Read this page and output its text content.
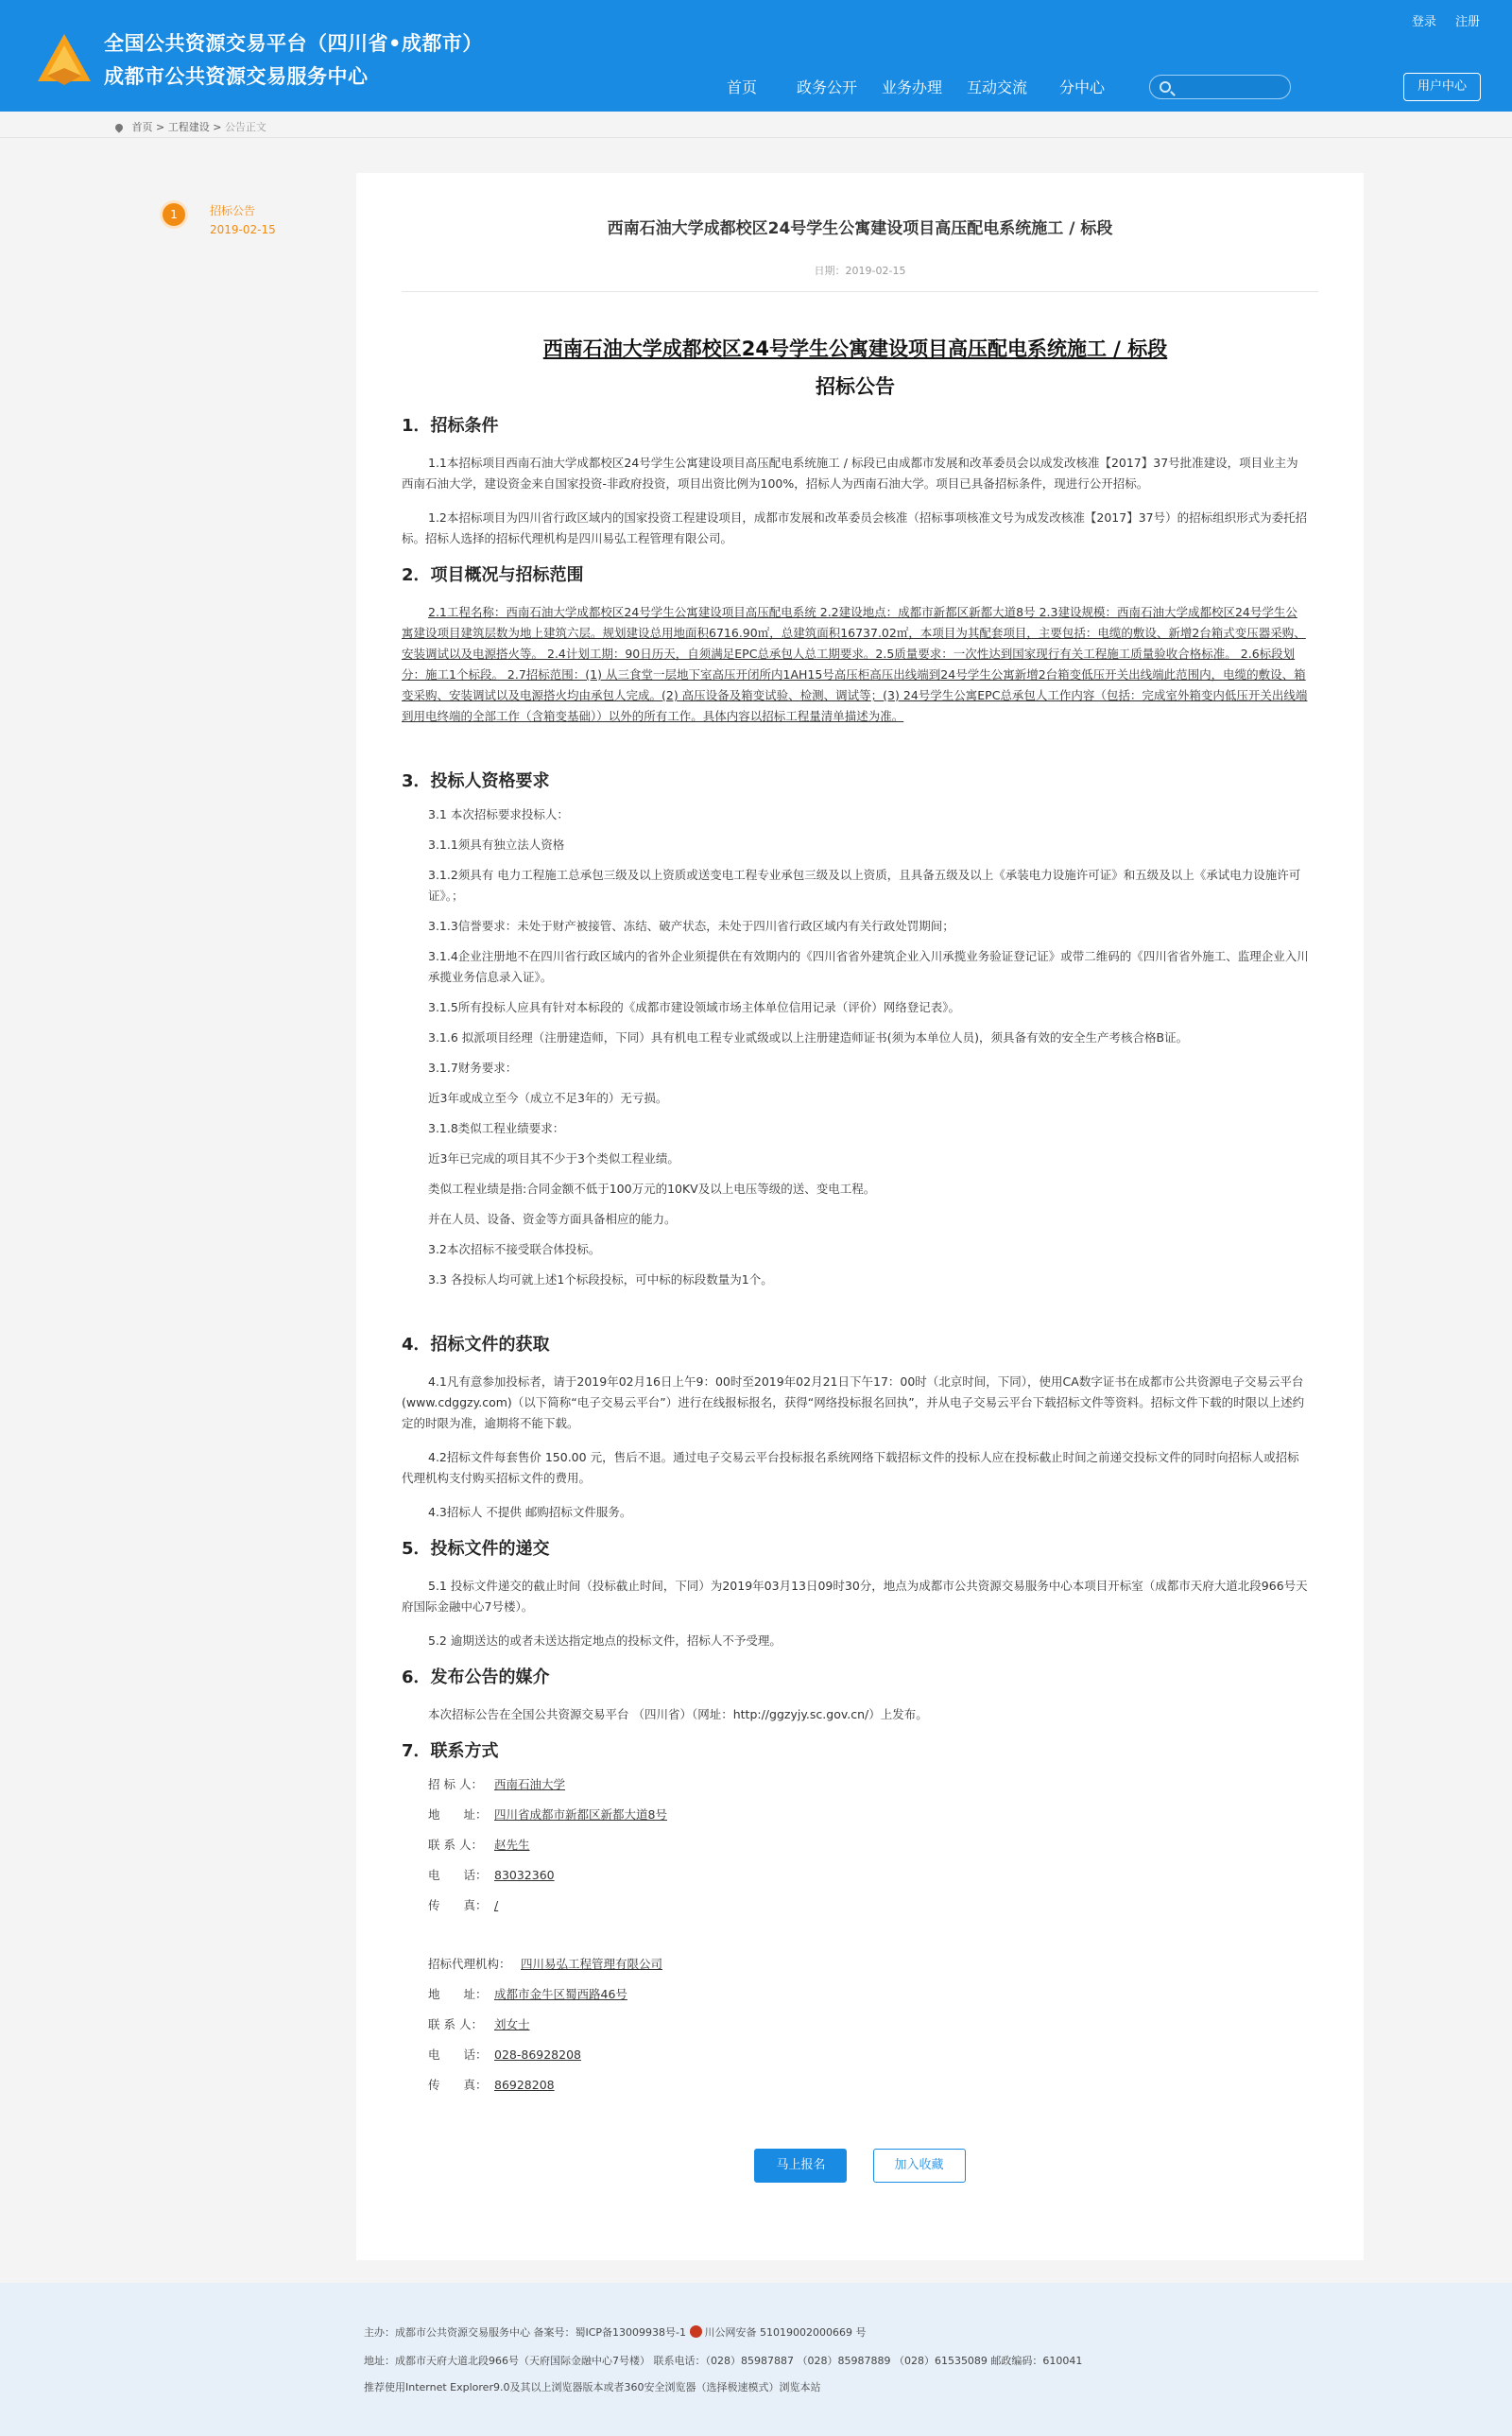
全国公共资源交易平台（四川省•成都市）
成都市公共资源交易服务中心
登录 注册
首页	政务公开	业务办理	互动交流	分中心	用户中心
首页 > 工程建设 > 公告正文
1	招标公告
2019-02-15	西南石油大学成都校区24号学生公寓建设项目高压配电系统施工 / 标段
日期：2019-02-15
西南石油大学成都校区24号学生公寓建设项目高压配电系统施工 / 标段
招标公告
1．招标条件
1.1本招标项目西南石油大学成都校区24号学生公寓建设项目高压配电系统施工 / 标段已由成都市发展和改革委员会以成发改核准【2017】37号批准建设，项目业主为西南石油大学，建设资金来自国家投资-非政府投资，项目出资比例为100%，招标人为西南石油大学。项目已具备招标条件，现进行公开招标。
1.2本招标项目为四川省行政区域内的国家投资工程建设项目，成都市发展和改革委员会核准（招标事项核准文号为成发改核准【2017】37号）的招标组织形式为委托招标。招标人选择的招标代理机构是四川易弘工程管理有限公司。
2．项目概况与招标范围
2.1工程名称：西南石油大学成都校区24号学生公寓建设项目高压配电系统 2.2建设地点：成都市新都区新都大道8号 2.3建设规模：西南石油大学成都校区24号学生公寓建设项目建筑层数为地上建筑六层。规划建设总用地面积6716.90㎡，总建筑面积16737.02㎡，本项目为其配套项目，主要包括：电缆的敷设、新增2台箱式变压器采购、安装调试以及电源搭火等。 2.4计划工期：90日历天，自须满足EPC总承包人总工期要求。2.5质量要求：一次性达到国家现行有关工程施工质量验收合格标准。 2.6标段划分：施工1个标段。 2.7招标范围：(1) 从三食堂一层地下室高压开闭所内1AH15号高压柜高压出线端到24号学生公寓新增2台箱变低压开关出线端此范围内，电缆的敷设、箱变采购、安装调试以及电源搭火均由承包人完成。(2) 高压设备及箱变试验、检测、调试等；(3) 24号学生公寓EPC总承包人工作内容（包括：完成室外箱变内低压开关出线端到用电终端的全部工作（含箱变基础））以外的所有工作。具体内容以招标工程量清单描述为准。
3．投标人资格要求
3.1 本次招标要求投标人：
3.1.1须具有独立法人资格
3.1.2须具有 电力工程施工总承包三级及以上资质或送变电工程专业承包三级及以上资质，且具备五级及以上《承装电力设施许可证》和五级及以上《承试电力设施许可证》。；
3.1.3信誉要求：未处于财产被接管、冻结、破产状态，未处于四川省行政区域内有关行政处罚期间；
3.1.4企业注册地不在四川省行政区域内的省外企业须提供在有效期内的《四川省省外建筑企业入川承揽业务验证登记证》或带二维码的《四川省省外施工、监理企业入川承揽业务信息录入证》。
3.1.5所有投标人应具有针对本标段的《成都市建设领域市场主体单位信用记录（评价）网络登记表》。
3.1.6 拟派项目经理（注册建造师，下同）具有机电工程专业贰级或以上注册建造师证书(须为本单位人员)，须具备有效的安全生产考核合格B证。
3.1.7财务要求：
近3年或成立至今（成立不足3年的）无亏损。
3.1.8类似工程业绩要求：
近3年已完成的项目其不少于3个类似工程业绩。
类似工程业绩是指:合同金额不低于100万元的10KV及以上电压等级的送、变电工程。
并在人员、设备、资金等方面具备相应的能力。
3.2本次招标不接受联合体投标。
3.3 各投标人均可就上述1个标段投标，可中标的标段数量为1个。
4．招标文件的获取
4.1凡有意参加投标者，请于2019年02月16日上午9：00时至2019年02月21日下午17：00时（北京时间，下同），使用CA数字证书在成都市公共资源电子交易云平台(www.cdggzy.com)（以下简称“电子交易云平台”）进行在线报标报名，获得“网络投标报名回执”，并从电子交易云平台下载招标文件等资料。招标文件下载的时限以上述约定的时限为准，逾期将不能下载。
4.2招标文件每套售价 150.00 元，售后不退。通过电子交易云平台投标报名系统网络下载招标文件的投标人应在投标截止时间之前递交投标文件的同时向招标人或招标代理机构支付购买招标文件的费用。
4.3招标人 不提供 邮购招标文件服务。
5．投标文件的递交
5.1 投标文件递交的截止时间（投标截止时间，下同）为2019年03月13日09时30分，地点为成都市公共资源交易服务中心本项目开标室（成都市天府大道北段966号天府国际金融中心7号楼）。
5.2 逾期送达的或者未送达指定地点的投标文件，招标人不予受理。
6．发布公告的媒介
本次招标公告在全国公共资源交易平台 （四川省）（网址：http://ggzyjy.sc.gov.cn/）上发布。
7．联系方式
招 标 人： 西南石油大学
地　　址： 四川省成都市新都区新都大道8号
联 系 人： 赵先生
电　　话： 83032360
传　　真： /
招标代理机构： 四川易弘工程管理有限公司
地　　址： 成都市金牛区蜀西路46号
联 系 人： 刘女士
电　　话： 028-86928208
传　　真： 86928208
马上报名	加入收藏
主办：成都市公共资源交易服务中心 备案号：蜀ICP备13009938号-1 川公网安备 51019002000669 号
地址：成都市天府大道北段966号（天府国际金融中心7号楼） 联系电话：（028）85987887 （028）85987889 （028）61535089 邮政编码：610041
推荐使用Internet Explorer9.0及其以上浏览器版本或者360安全浏览器（选择极速模式）浏览本站
